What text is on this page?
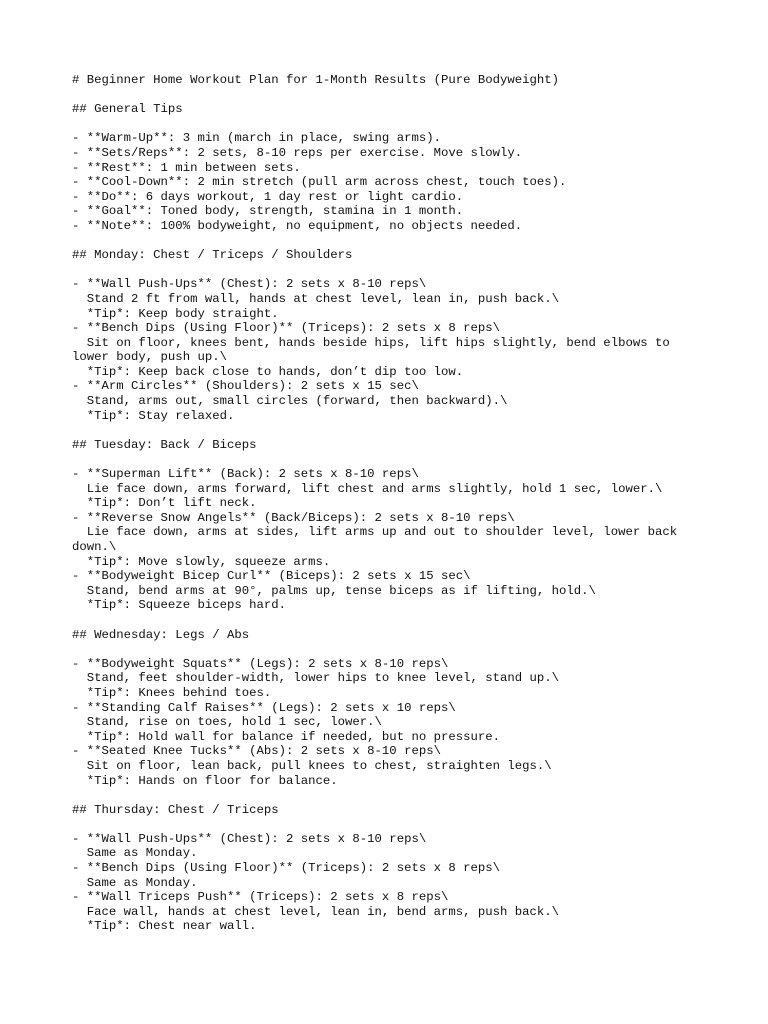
# Beginner Home Workout Plan for 1-Month Results (Pure Bodyweight)
## General Tips
- **Warm-Up**: 3 min (march in place, swing arms).
- **Sets/Reps**: 2 sets, 8-10 reps per exercise. Move slowly.
- **Rest**: 1 min between sets.
- **Cool-Down**: 2 min stretch (pull arm across chest, touch toes).
- **Do**: 6 days workout, 1 day rest or light cardio.
- **Goal**: Toned body, strength, stamina in 1 month.
- **Note**: 100% bodyweight, no equipment, no objects needed.
## Monday: Chest / Triceps / Shoulders
- **Wall Push-Ups** (Chest): 2 sets x 8-10 reps\
Stand 2 ft from wall, hands at chest level, lean in, push back.\
*Tip*: Keep body straight.
- **Bench Dips (Using Floor)** (Triceps): 2 sets x 8 reps\
Sit on floor, knees bent, hands beside hips, lift hips slightly, bend elbows to
lower body, push up.\
*Tip*: Keep back close to hands, don’t dip too low.
- **Arm Circles** (Shoulders): 2 sets x 15 sec\
Stand, arms out, small circles (forward, then backward).\
*Tip*: Stay relaxed.
## Tuesday: Back / Biceps
- **Superman Lift** (Back): 2 sets x 8-10 reps\
Lie face down, arms forward, lift chest and arms slightly, hold 1 sec, lower.\
*Tip*: Don’t lift neck.
- **Reverse Snow Angels** (Back/Biceps): 2 sets x 8-10 reps\
Lie face down, arms at sides, lift arms up and out to shoulder level, lower back
down.\
*Tip*: Move slowly, squeeze arms.
- **Bodyweight Bicep Curl** (Biceps): 2 sets x 15 sec\
Stand, bend arms at 90°, palms up, tense biceps as if lifting, hold.\
*Tip*: Squeeze biceps hard.
## Wednesday: Legs / Abs
- **Bodyweight Squats** (Legs): 2 sets x 8-10 reps\
Stand, feet shoulder-width, lower hips to knee level, stand up.\
*Tip*: Knees behind toes.
- **Standing Calf Raises** (Legs): 2 sets x 10 reps\
Stand, rise on toes, hold 1 sec, lower.\
*Tip*: Hold wall for balance if needed, but no pressure.
- **Seated Knee Tucks** (Abs): 2 sets x 8-10 reps\
Sit on floor, lean back, pull knees to chest, straighten legs.\
*Tip*: Hands on floor for balance.
## Thursday: Chest / Triceps
- **Wall Push-Ups** (Chest): 2 sets x 8-10 reps\
Same as Monday.
- **Bench Dips (Using Floor)** (Triceps): 2 sets x 8 reps\
Same as Monday.
- **Wall Triceps Push** (Triceps): 2 sets x 8 reps\
Face wall, hands at chest level, lean in, bend arms, push back.\
*Tip*: Chest near wall.
